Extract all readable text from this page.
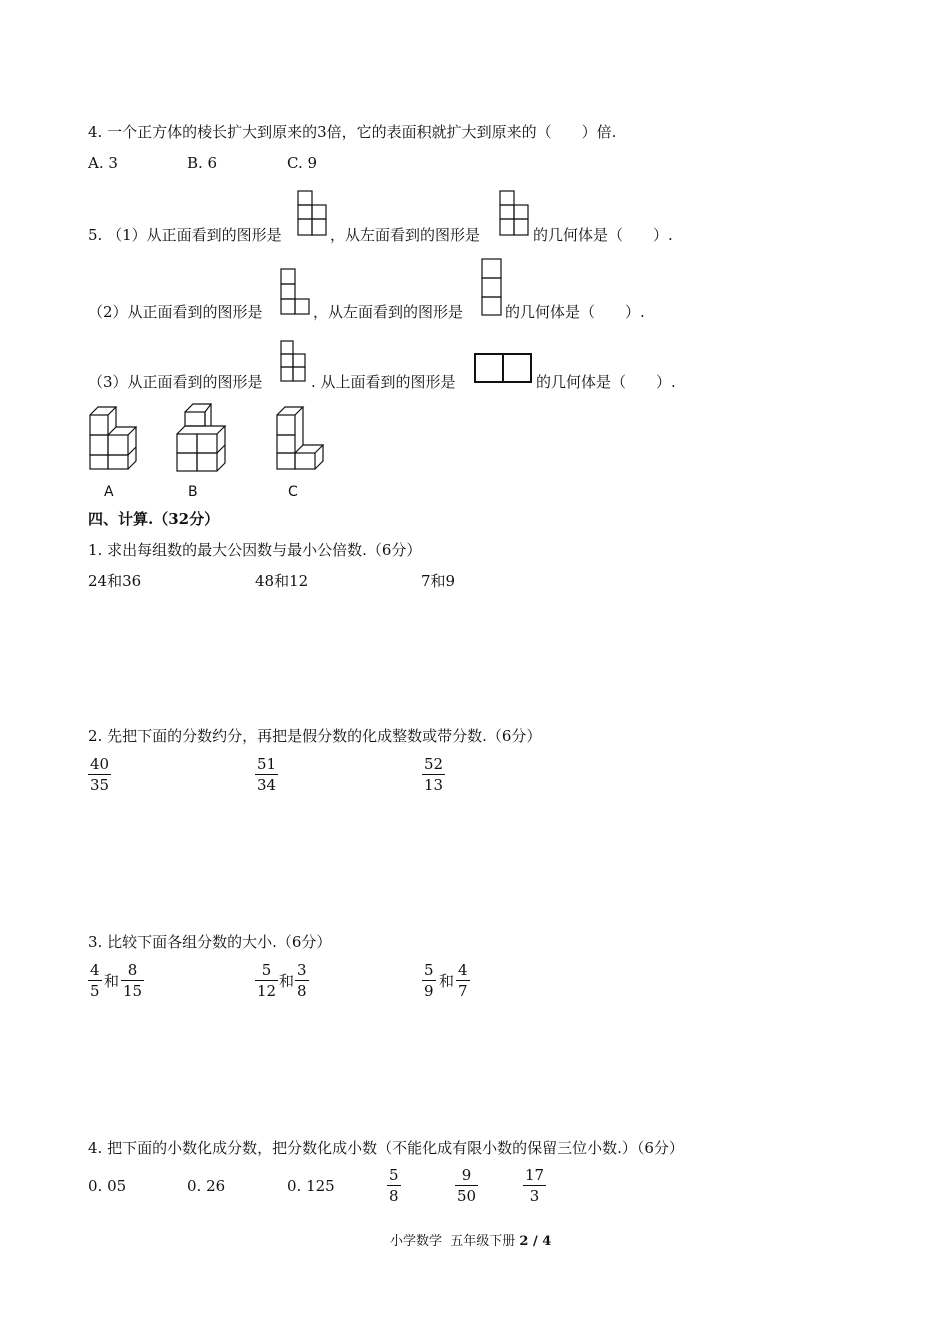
4. 一个正方体的棱长扩大到原来的3倍，它的表面积就扩大到原来的（　　）倍.
A. 3	B. 6	C. 9
5. （1）从正面看到的图形是	，从左面看到的图形是	的几何体是（　　）.
（2）从正面看到的图形是	，从左面看到的图形是	的几何体是（　　）.
（3）从正面看到的图形是	. 从上面看到的图形是	的几何体是（　　）.
A	B	C
四、计算.（32分）
1. 求出每组数的最大公因数与最小公倍数.（6分）
24和36	48和12	7和9
2. 先把下面的分数约分，再把是假分数的化成整数或带分数.（6分）
40
35
51
34
52
13
3. 比较下面各组分数的大小.（6分）
4
5
和
8
15
5
12
和
3
8
5
9
和
4
7
4. 把下面的小数化成分数，把分数化成小数（不能化成有限小数的保留三位小数.）（6分）
0. 05	0. 26	0. 125
5
8
9
50
17
3
小学数学  五年级下册 2 / 4
